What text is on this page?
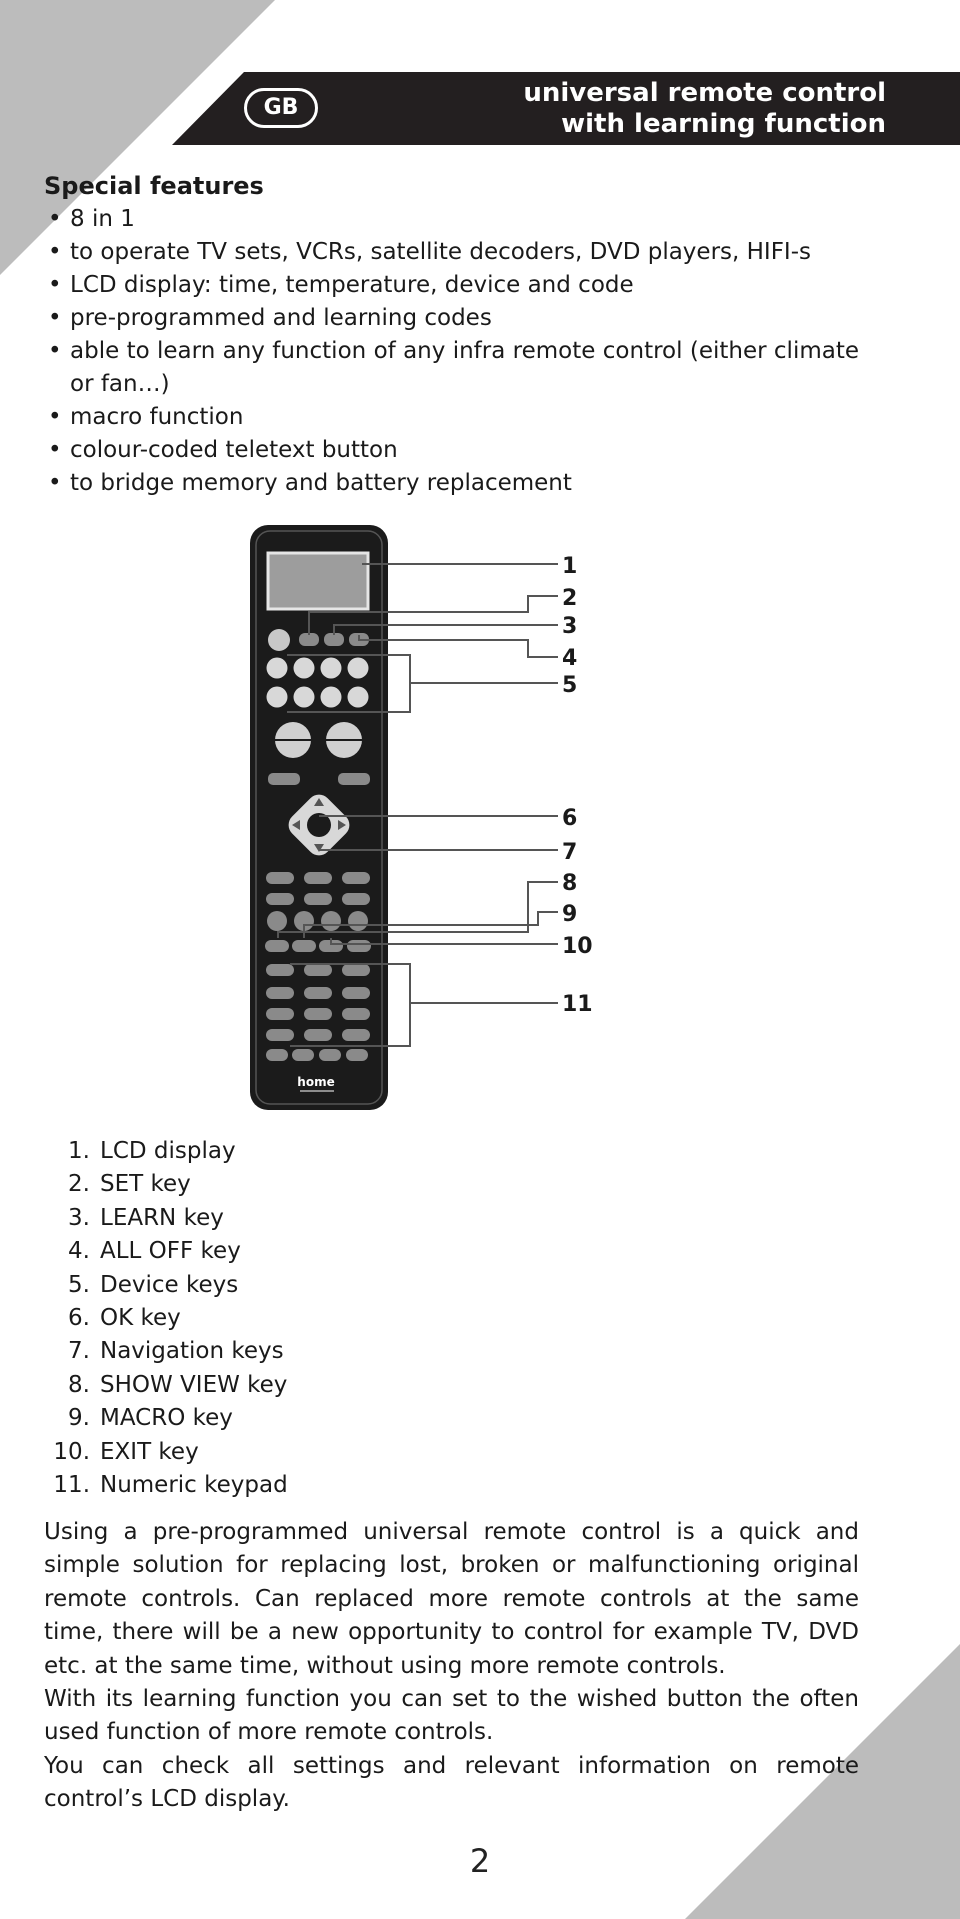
GB	universal remote control
with learning function
Special features
• 8 in 1
• to operate TV sets, VCRs, satellite decoders, DVD players, HIFI-s
• LCD display: time, temperature, device and code
• pre-programmed and learning codes
• able to learn any function of any infra remote control (either climate or fan…)
• macro function
• colour-coded teletext button
• to bridge memory and battery replacement
home
1
2
3
4
5
6
7
8
9
10
11
1. LCD display
2. SET key
3. LEARN key
4. ALL OFF key
5. Device keys
6. OK key
7. Navigation keys
8. SHOW VIEW key
9. MACRO key
10. EXIT key
11. Numeric keypad

Using a pre-programmed universal remote control is a quick and simple solution for replacing lost, broken or malfunctioning original remote controls. Can replaced more remote controls at the same time, there will be a new opportunity to control for example TV, DVD etc. at the same time, without using more remote controls.

With its learning function you can set to the wished button the often used function of more remote controls.

You can check all settings and relevant information on remote control’s LCD display.

2
